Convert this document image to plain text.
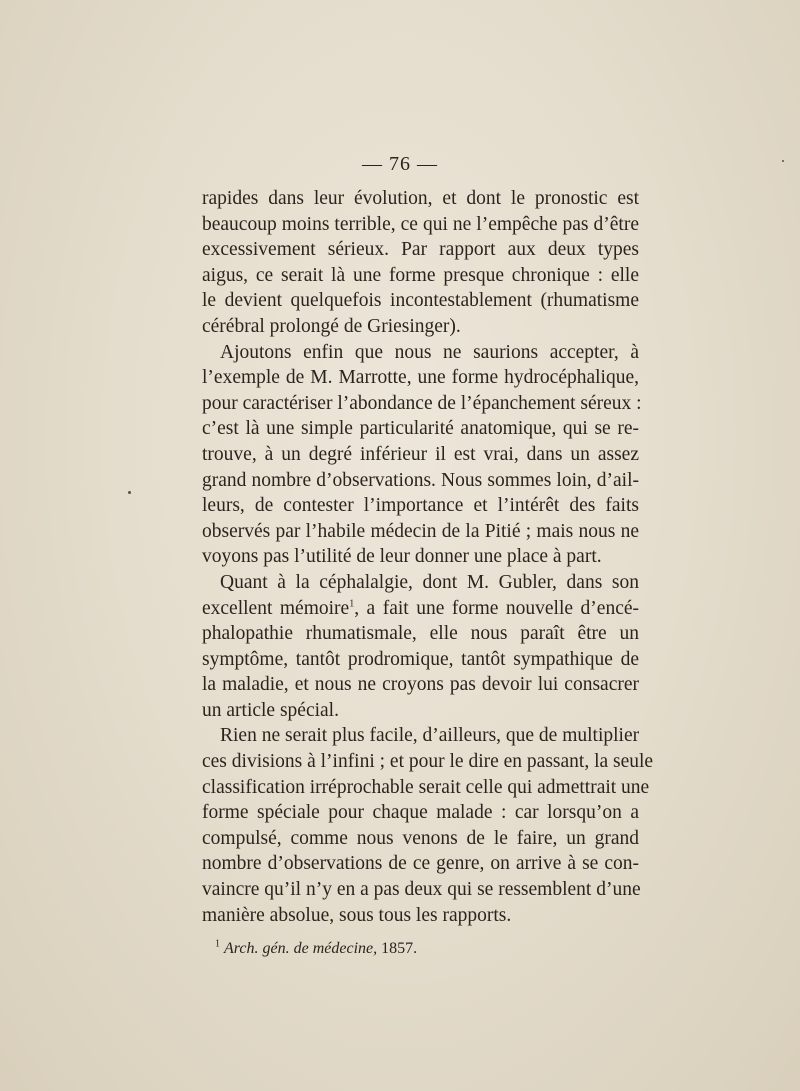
— 76 —
rapides dans leur évolution, et dont le pronostic est
beaucoup moins terrible, ce qui ne l’empêche pas d’être
excessivement sérieux. Par rapport aux deux types
aigus, ce serait là une forme presque chronique : elle
le devient quelquefois incontestablement (rhumatisme
cérébral prolongé de Griesinger).
Ajoutons enfin que nous ne saurions accepter, à
l’exemple de M. Marrotte, une forme hydrocéphalique,
pour caractériser l’abondance de l’épanchement séreux :
c’est là une simple particularité anatomique, qui se re-
trouve, à un degré inférieur il est vrai, dans un assez
grand nombre d’observations. Nous sommes loin, d’ail-
leurs, de contester l’importance et l’intérêt des faits
observés par l’habile médecin de la Pitié ; mais nous ne
voyons pas l’utilité de leur donner une place à part.
Quant à la céphalalgie, dont M. Gubler, dans son
excellent mémoire$^1$, a fait une forme nouvelle d’encé-
phalopathie rhumatismale, elle nous paraît être un
symptôme, tantôt prodromique, tantôt sympathique de
la maladie, et nous ne croyons pas devoir lui consacrer
un article spécial.
Rien ne serait plus facile, d’ailleurs, que de multiplier
ces divisions à l’infini ; et pour le dire en passant, la seule
classification irréprochable serait celle qui admettrait une
forme spéciale pour chaque malade : car lorsqu’on a
compulsé, comme nous venons de le faire, un grand
nombre d’observations de ce genre, on arrive à se con-
vaincre qu’il n’y en a pas deux qui se ressemblent d’une
manière absolue, sous tous les rapports.
$^1$ Arch. gén. de médecine, 1857.
